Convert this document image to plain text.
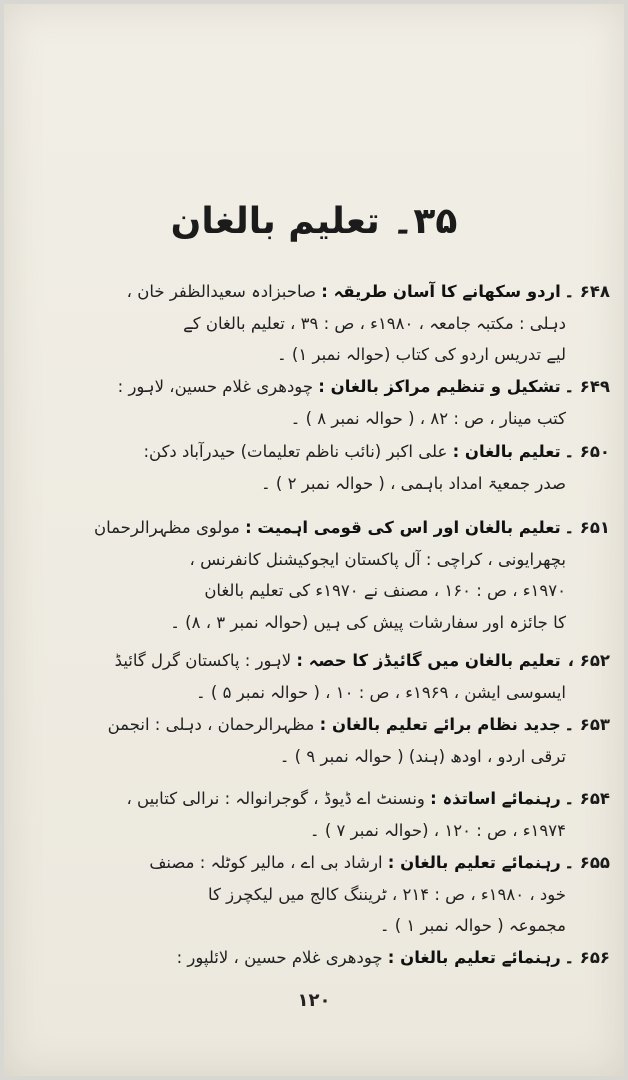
۳۵۔ تعلیم بالغان
۶۴۸ ۔ اردو سکھانے کا آسان طریقہ : صاحبزادہ سعیدالظفر خان ،
دہلی : مکتبہ جامعہ ، ۱۹۸۰ء ، ص : ۳۹ ، تعلیم بالغان کے
لیے تدریس اردو کی کتاب (حوالہ نمبر ۱) ۔
۶۴۹ ۔ تشکیل و تنظیم مراکز بالغان : چودھری غلام حسین، لاہور :
کتب مینار ، ص : ۸۲ ، ( حوالہ نمبر ۸ ) ۔
۶۵۰ ۔ تعلیم بالغان : علی اکبر (نائب ناظم تعلیمات) حیدرآباد دکن:
صدر جمعیۃ امداد باہمی ، ( حوالہ نمبر ۲ ) ۔
۶۵۱ ۔ تعلیم بالغان اور اس کی قومی اہمیت : مولوی مظہرالرحمان
بچھرایونی ، کراچی : آل پاکستان ایجوکیشنل کانفرنس ،
۱۹۷۰ء ، ص : ۱۶۰ ، مصنف نے ۱۹۷۰ء کی تعلیم بالغان
کا جائزہ اور سفارشات پیش کی ہیں (حوالہ نمبر ۳ ، ۸) ۔
۶۵۲ ، تعلیم بالغان میں گائیڈز کا حصہ : لاہور : پاکستان گرل گائیڈ
ایسوسی ایشن ، ۱۹۶۹ء ، ص : ۱۰ ، ( حوالہ نمبر ۵ ) ۔
۶۵۳ ۔ جدید نظام برائے تعلیم بالغان : مظہرالرحمان ، دہلی : انجمن
ترقی اردو ، اودھ (ہند) ( حوالہ نمبر ۹ ) ۔
۶۵۴ ۔ رہنمائے اساتذہ : ونسنٹ اے ڈیوڈ ، گوجرانوالہ : نرالی کتابیں ،
۱۹۷۴ء ، ص : ۱۲۰ ، (حوالہ نمبر ۷ ) ۔
۶۵۵ ۔ رہنمائے تعلیم بالغان : ارشاد بی اے ، مالیر کوٹلہ : مصنف
خود ، ۱۹۸۰ء ، ص : ۲۱۴ ، ٹریننگ کالج میں لیکچرز کا
مجموعہ ( حوالہ نمبر ۱ ) ۔
۶۵۶ ۔ رہنمائے تعلیم بالغان : چودھری غلام حسین ، لائلپور :
۱۲۰
